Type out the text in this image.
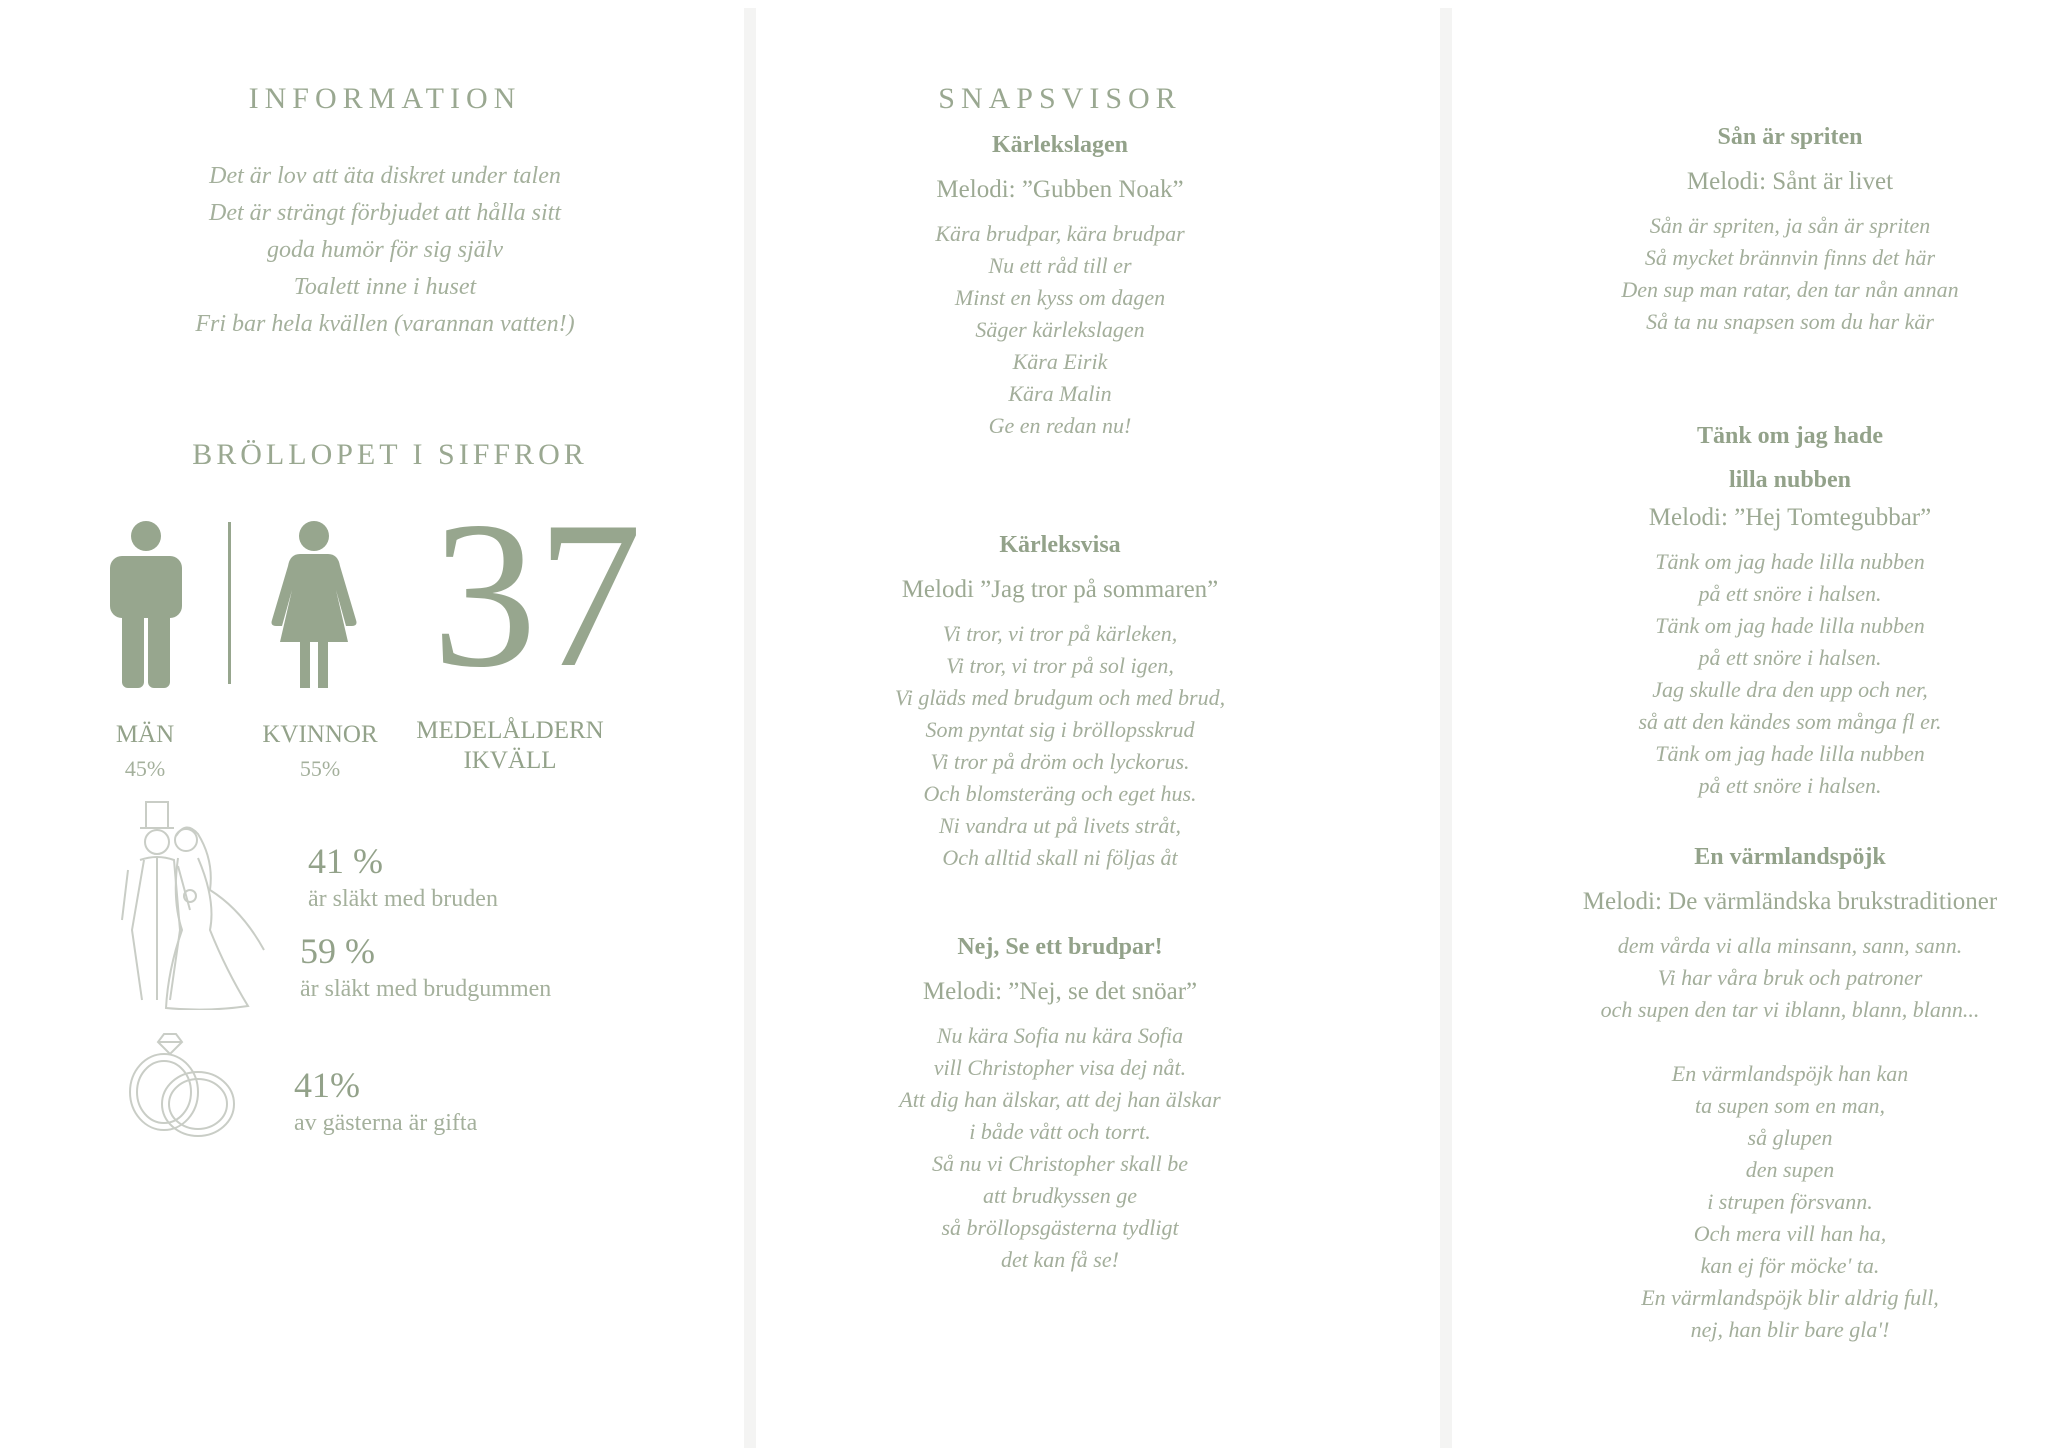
INFORMATION
Det är lov att äta diskret under talen
Det är strängt förbjudet att hålla sitt
goda humör för sig själv
Toalett inne i huset
Fri bar hela kvällen (varannan vatten!)
BRÖLLOPET I SIFFROR
37
MÄN
45%
KVINNOR
55%
MEDELÅLDERN
IKVÄLL
41 %
är släkt med bruden
59 %
är släkt med brudgummen
41%
av gästerna är gifta
SNAPSVISOR
Kärlekslagen
Melodi: ”Gubben Noak”
Kära brudpar, kära brudpar
Nu ett råd till er
Minst en kyss om dagen
Säger kärlekslagen
Kära Eirik
Kära Malin
Ge en redan nu!
Kärleksvisa
Melodi ”Jag tror på sommaren”
Vi tror, vi tror på kärleken,
Vi tror, vi tror på sol igen,
Vi gläds med brudgum och med brud,
Som pyntat sig i bröllopsskrud
Vi tror på dröm och lyckorus.
Och blomsteräng och eget hus.
Ni vandra ut på livets stråt,
Och alltid skall ni följas åt
Nej, Se ett brudpar!
Melodi: ”Nej, se det snöar”
Nu kära Sofia nu kära Sofia
vill Christopher visa dej nåt.
Att dig han älskar, att dej han älskar
i både vått och torrt.
Så nu vi Christopher skall be
att brudkyssen ge
så bröllopsgästerna tydligt
det kan få se!
Sån är spriten
Melodi: Sånt är livet
Sån är spriten, ja sån är spriten
Så mycket brännvin finns det här
Den sup man ratar, den tar nån annan
Så ta nu snapsen som du har kär
Tänk om jag hade
lilla nubben
Melodi: ”Hej Tomtegubbar”
Tänk om jag hade lilla nubben
på ett snöre i halsen.
Tänk om jag hade lilla nubben
på ett snöre i halsen.
Jag skulle dra den upp och ner,
så att den kändes som många fl er.
Tänk om jag hade lilla nubben
på ett snöre i halsen.
En värmlandspöjk
Melodi: De värmländska brukstraditioner
dem vårda vi alla minsann, sann, sann.
Vi har våra bruk och patroner
och supen den tar vi iblann, blann, blann...
En värmlandspöjk han kan
ta supen som en man,
så glupen
den supen
i strupen försvann.
Och mera vill han ha,
kan ej för möcke' ta.
En värmlandspöjk blir aldrig full,
nej, han blir bare gla'!
